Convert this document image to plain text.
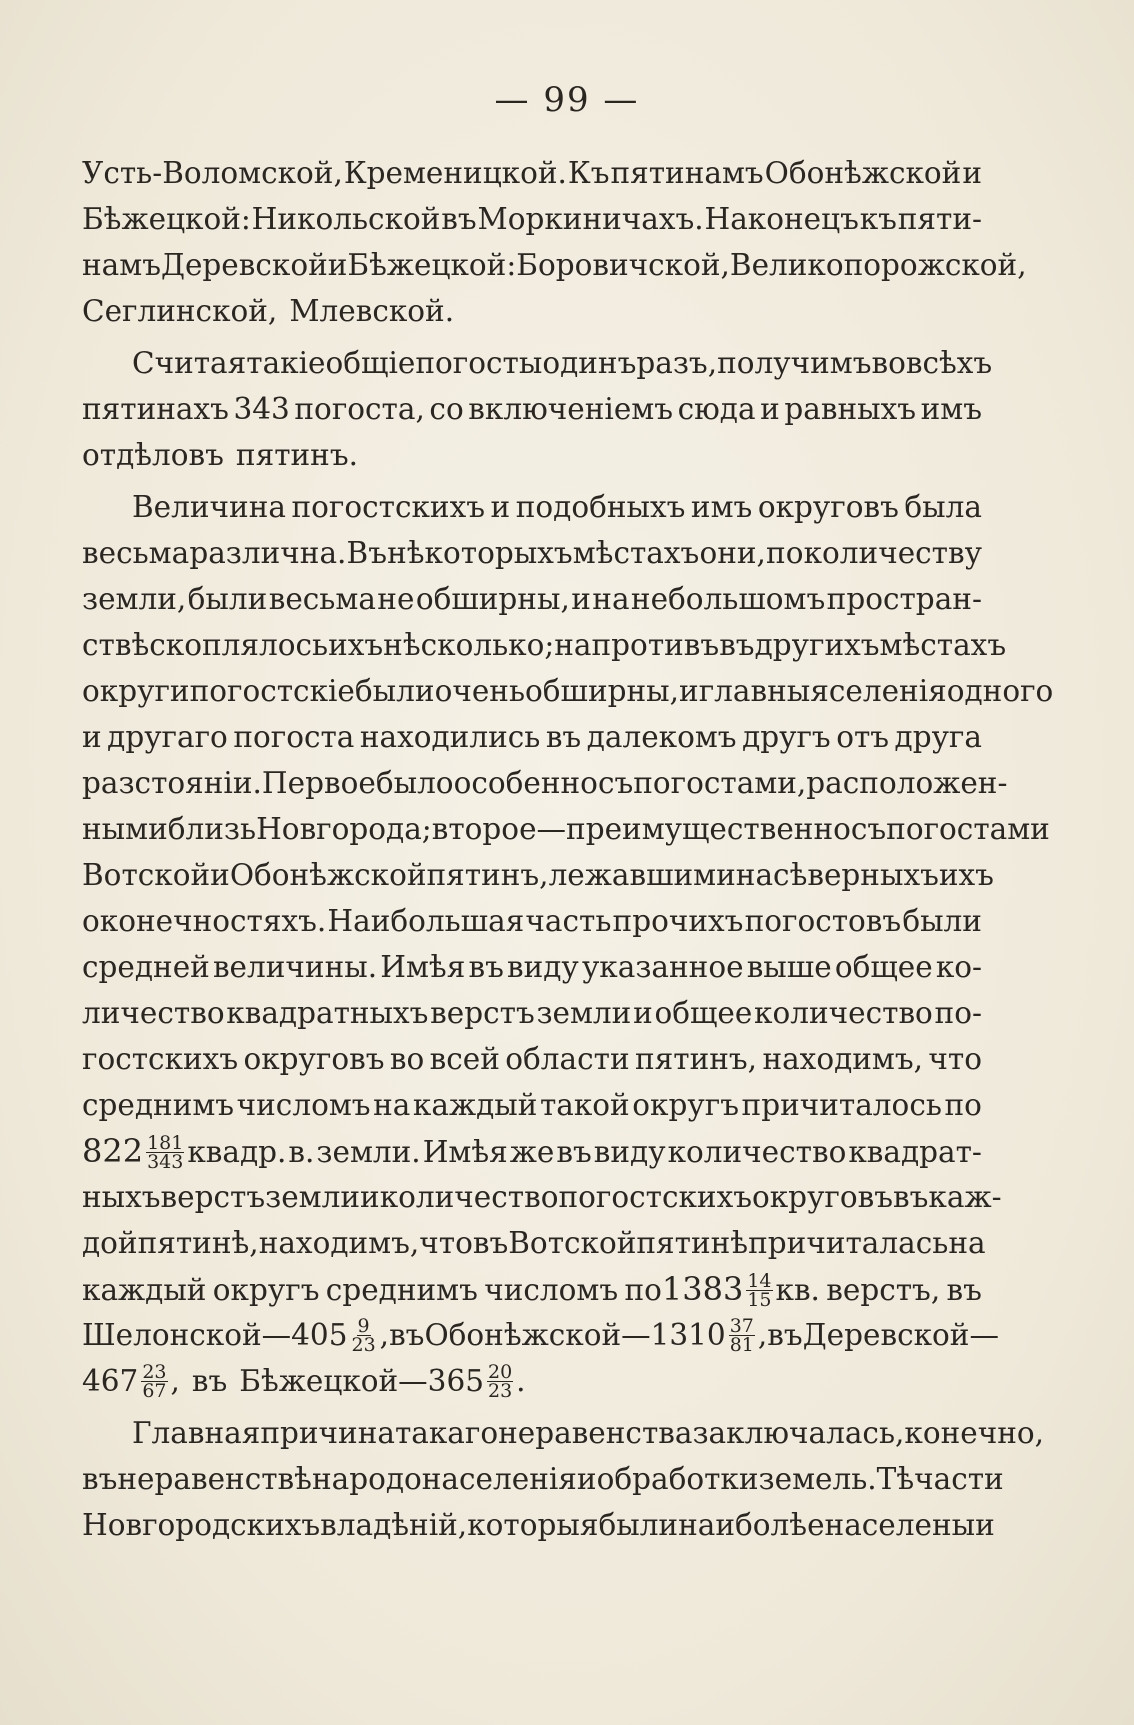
— 99 —
Усть-Воломской, Кременицкой. Къ пятинамъ Обонѣжской и
Бѣжецкой: Никольской въ Моркиничахъ. Наконецъ къ пяти-
намъ Деревской и Бѣжецкой: Боровичской, Великопорожской,
Сеглинской, Млевской.
Считая такіе общіе погосты одинъ разъ, получимъ во всѣхъ
пятинахъ 343 погоста, со включеніемъ сюда и равныхъ имъ
отдѣловъ пятинъ.
Величина погостскихъ и подобныхъ имъ округовъ была
весьма различна. Въ нѣкоторыхъ мѣстахъ они, по количеству
земли, были весьма не обширны, и на небольшомъ простран-
ствѣ скоплялось ихъ нѣсколько; напротивъ въ другихъ мѣстахъ
округи погостскіе были очень обширны, и главныя селенія одного
и другаго погоста находились въ далекомъ другъ отъ друга
разстояніи. Первое было особенно съ погостами, расположен-
ными близь Новгорода; второе—преимущественно съ погостами
Вотской и Обонѣжской пятинъ, лежавшими на сѣверныхъ ихъ
оконечностяхъ. Наибольшая часть прочихъ погостовъ были
средней величины. Имѣя въ виду указанное выше общее ко-
личество квадратныхъ верстъ земли и общее количество по-
гостскихъ округовъ во всей области пятинъ, находимъ, что
среднимъ числомъ на каждый такой округъ причиталось по
$822 \frac{181}{343}$ квадр. в. земли. Имѣя же въ виду количество квадрат-
ныхъ верстъ земли и количество погостскихъ округовъ въ каж-
дой пятинѣ, находимъ, что въ Вотской пятинѣ причиталась на
каждый округъ среднимъ числомъ $по1383 \frac{14}{15}$ кв. верстъ, въ
Шелонской—405 $\frac{9}{23}$ , въ Обонѣжской—1310 $\frac{37}{81}$ , въ Деревской—
$467 \frac{23}{67}$ , въ Бѣжецкой—365 $\frac{20}{23}$ .
Главная причина такаго неравенства заключалась, конечно,
въ неравенствѣ народонаселенія и обработки земель. Тѣ части
Новгородскихъ владѣній, которыя были наиболѣе населены и
